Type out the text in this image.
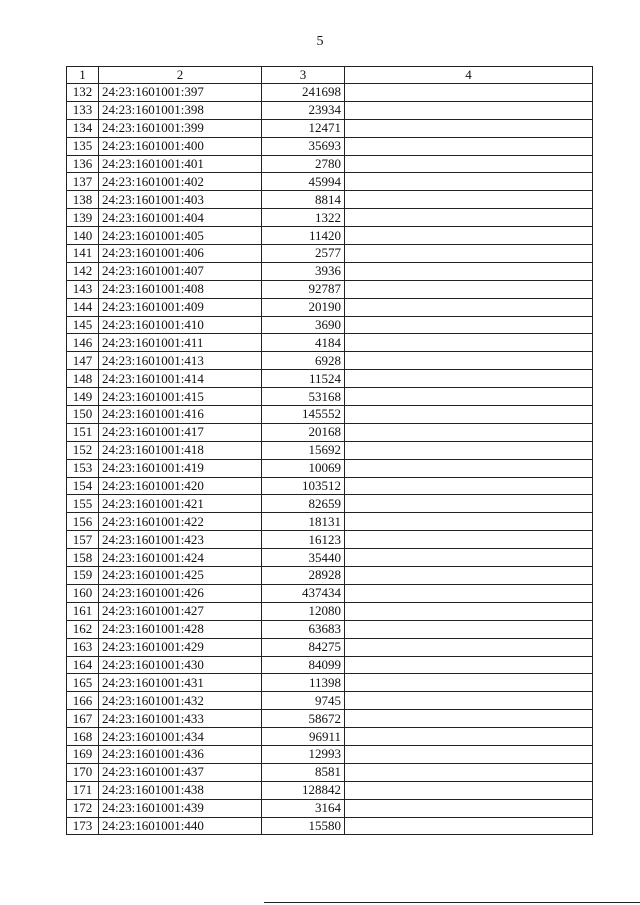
5
1	2	3	4
132	24:23:1601001:397	241698	
133	24:23:1601001:398	23934	
134	24:23:1601001:399	12471	
135	24:23:1601001:400	35693	
136	24:23:1601001:401	2780	
137	24:23:1601001:402	45994	
138	24:23:1601001:403	8814	
139	24:23:1601001:404	1322	
140	24:23:1601001:405	11420	
141	24:23:1601001:406	2577	
142	24:23:1601001:407	3936	
143	24:23:1601001:408	92787	
144	24:23:1601001:409	20190	
145	24:23:1601001:410	3690	
146	24:23:1601001:411	4184	
147	24:23:1601001:413	6928	
148	24:23:1601001:414	11524	
149	24:23:1601001:415	53168	
150	24:23:1601001:416	145552	
151	24:23:1601001:417	20168	
152	24:23:1601001:418	15692	
153	24:23:1601001:419	10069	
154	24:23:1601001:420	103512	
155	24:23:1601001:421	82659	
156	24:23:1601001:422	18131	
157	24:23:1601001:423	16123	
158	24:23:1601001:424	35440	
159	24:23:1601001:425	28928	
160	24:23:1601001:426	437434	
161	24:23:1601001:427	12080	
162	24:23:1601001:428	63683	
163	24:23:1601001:429	84275	
164	24:23:1601001:430	84099	
165	24:23:1601001:431	11398	
166	24:23:1601001:432	9745	
167	24:23:1601001:433	58672	
168	24:23:1601001:434	96911	
169	24:23:1601001:436	12993	
170	24:23:1601001:437	8581	
171	24:23:1601001:438	128842	
172	24:23:1601001:439	3164	
173	24:23:1601001:440	15580	
